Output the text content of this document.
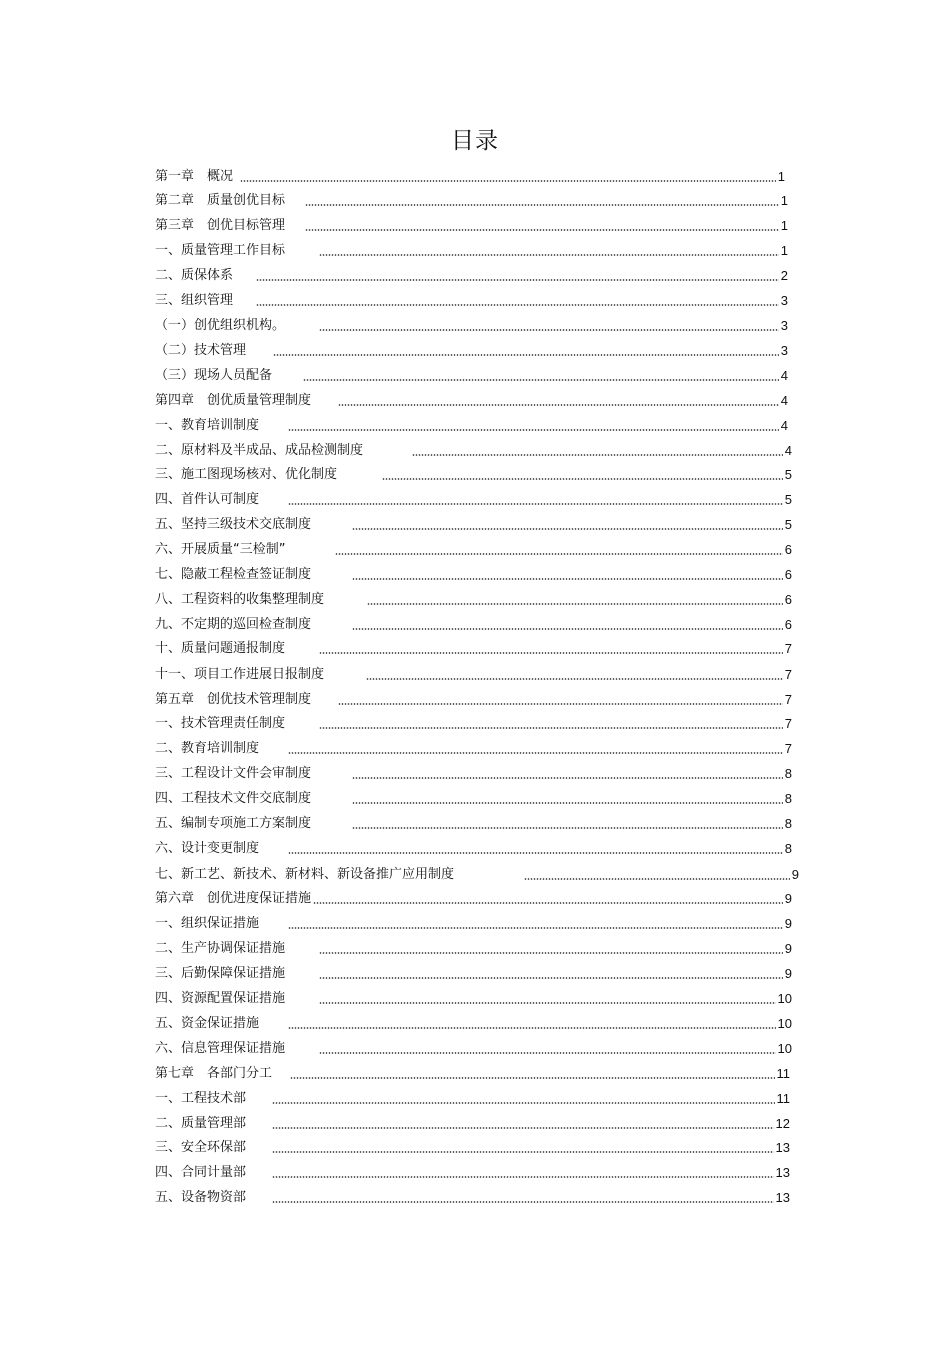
目录
第一章　概况	1
第二章　质量创优目标	1
第三章　创优目标管理	1
一、质量管理工作目标	1
二、质保体系	2
三、组织管理	3
（一）创优组织机构。	3
（二）技术管理	3
（三）现场人员配备	4
第四章　创优质量管理制度	4
一、教育培训制度	4
二、原材料及半成品、成品检测制度	4
三、施工图现场核对、优化制度	5
四、首件认可制度	5
五、坚持三级技术交底制度	5
六、开展质量“三检制”	6
七、隐蔽工程检查签证制度	6
八、工程资料的收集整理制度	6
九、不定期的巡回检查制度	6
十、质量问题通报制度	7
十一、项目工作进展日报制度	7
第五章　创优技术管理制度	7
一、技术管理责任制度	7
二、教育培训制度	7
三、工程设计文件会审制度	8
四、工程技术文件交底制度	8
五、编制专项施工方案制度	8
六、设计变更制度	8
七、新工艺、新技术、新材料、新设备推广应用制度	9
第六章　创优进度保证措施	9
一、组织保证措施	9
二、生产协调保证措施	9
三、后勤保障保证措施	9
四、资源配置保证措施	10
五、资金保证措施	10
六、信息管理保证措施	10
第七章　各部门分工	11
一、工程技术部	11
二、质量管理部	12
三、安全环保部	13
四、合同计量部	13
五、设备物资部	13
